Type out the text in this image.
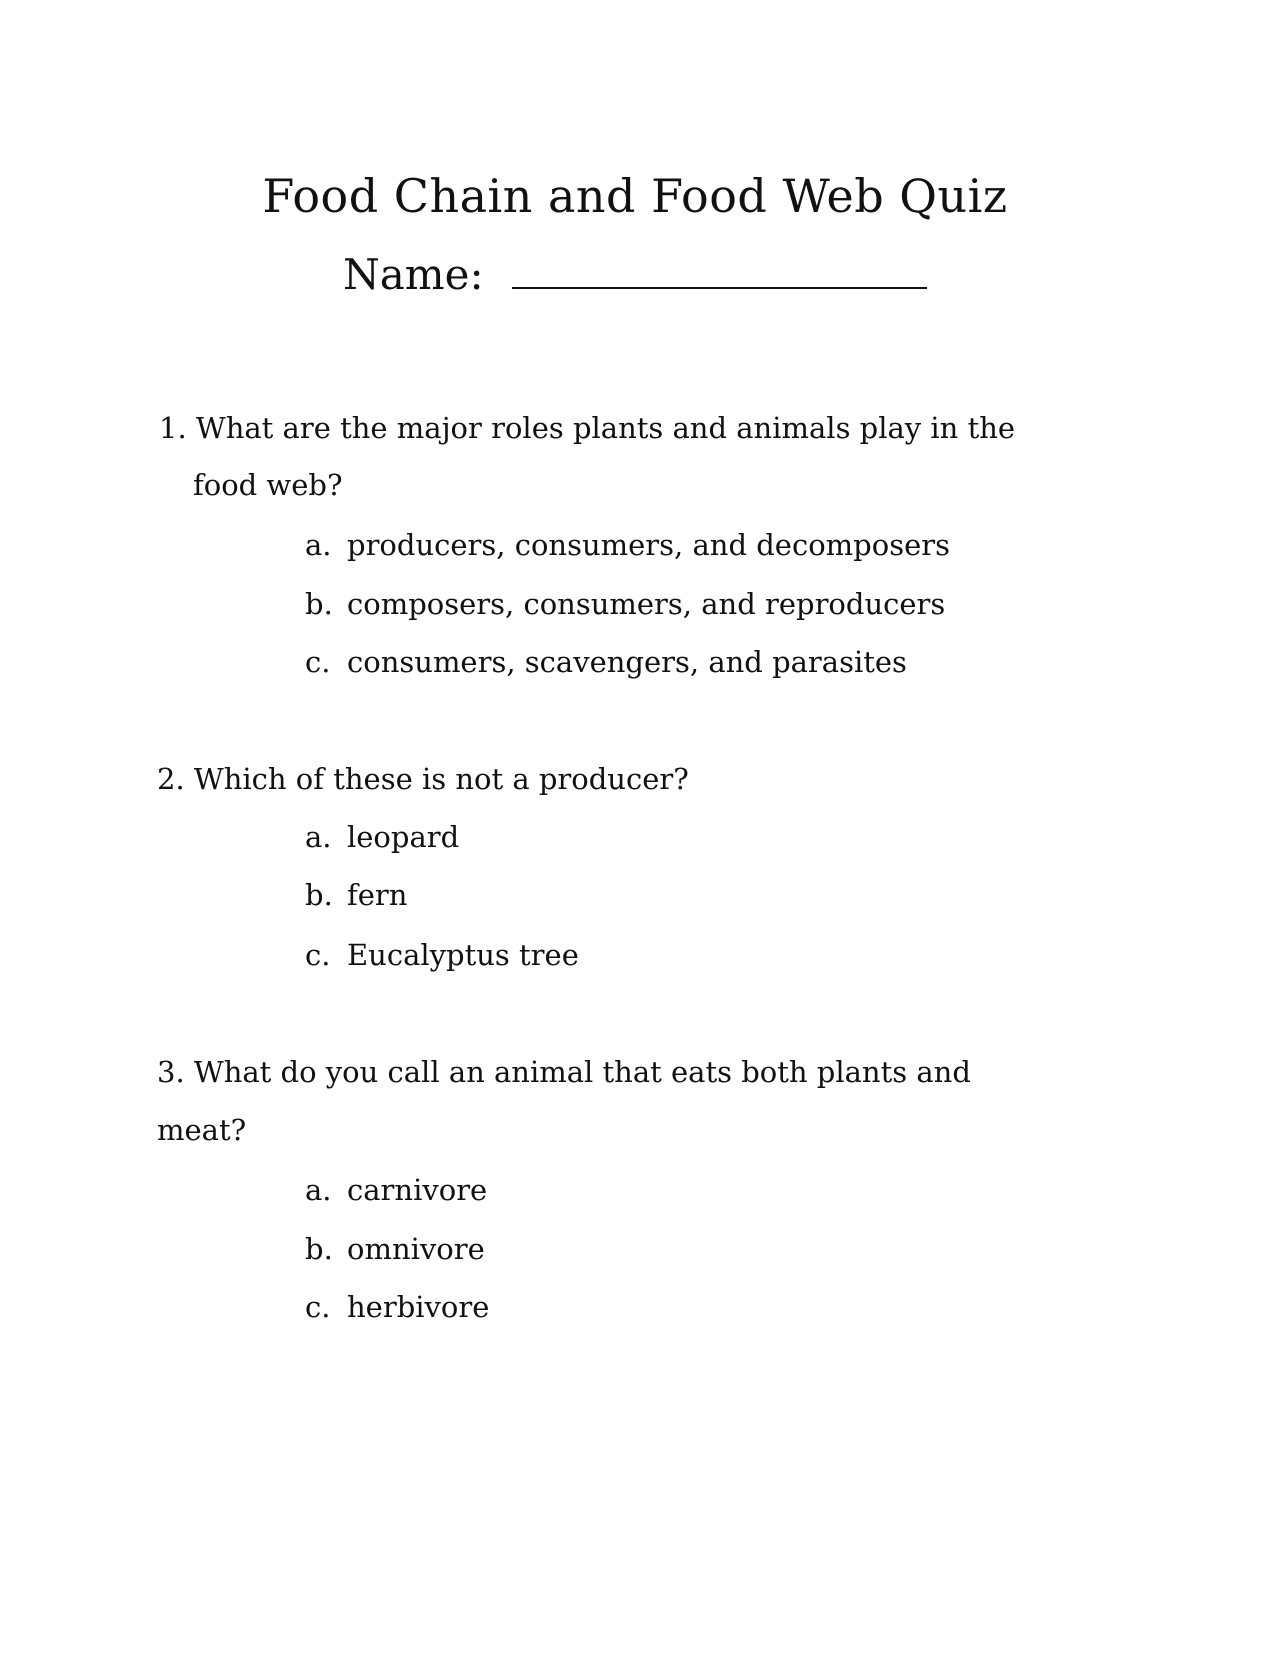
Food Chain and Food Web Quiz
Name:
1. What are the major roles plants and animals play in the
food web?
a. producers, consumers, and decomposers
b. composers, consumers, and reproducers
c. consumers, scavengers, and parasites
2. Which of these is not a producer?
a. leopard
b. fern
c. Eucalyptus tree
3. What do you call an animal that eats both plants and
meat?
a. carnivore
b. omnivore
c. herbivore
